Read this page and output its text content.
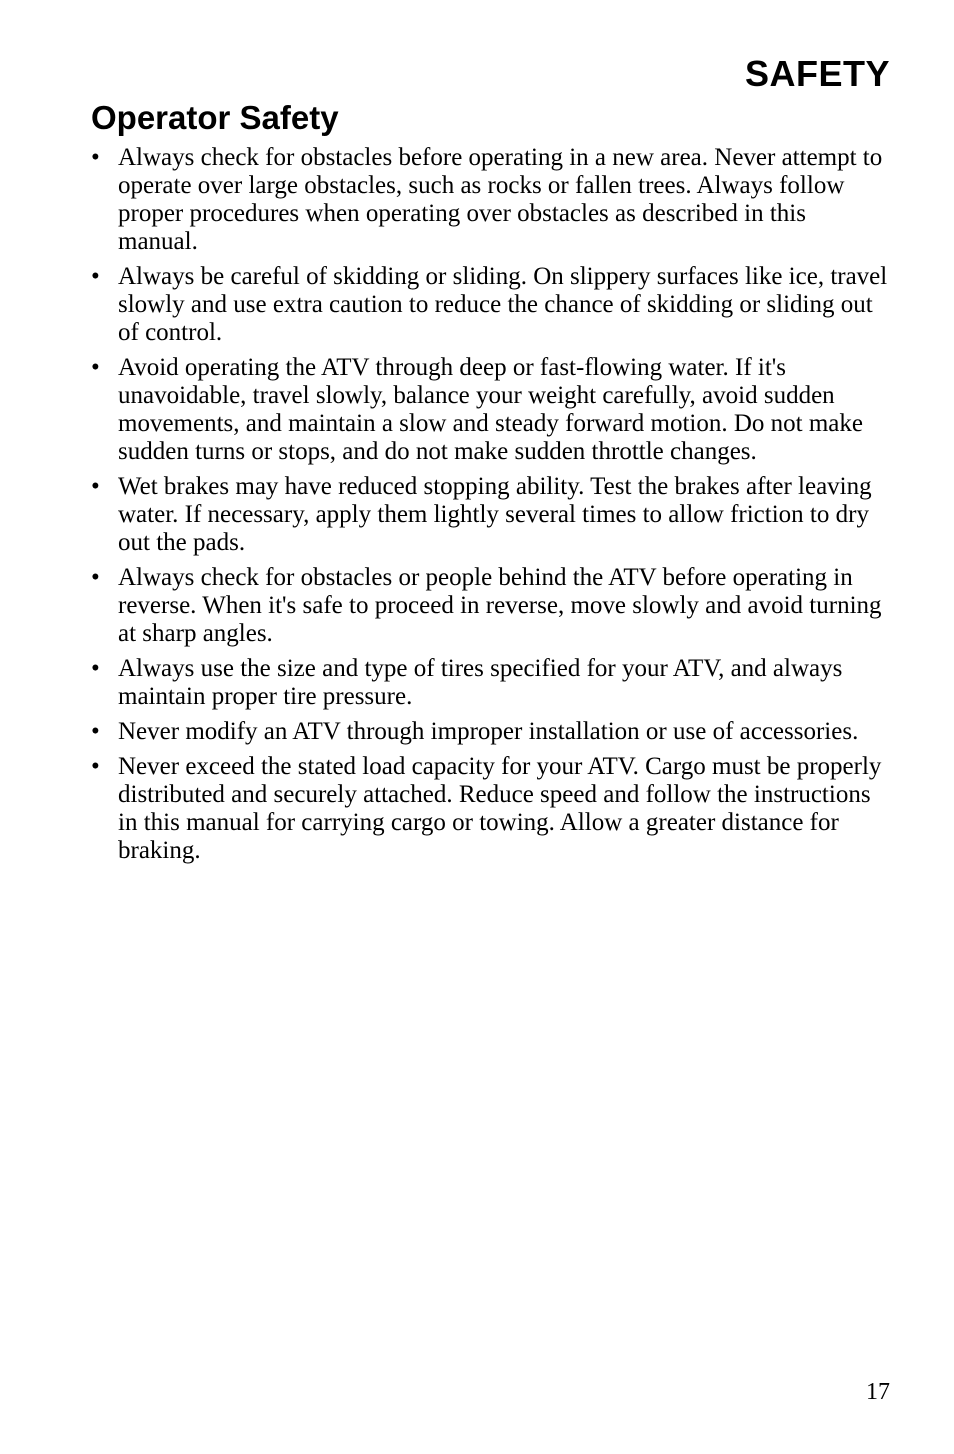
SAFETY
Operator Safety
• Always check for obstacles before operating in a new area. Never attempt to operate over large obstacles, such as rocks or fallen trees. Always follow proper procedures when operating over obstacles as described in this manual.
• Always be careful of skidding or sliding. On slippery surfaces like ice, travel slowly and use extra caution to reduce the chance of skidding or sliding out of control.
• Avoid operating the ATV through deep or fast-flowing water. If it's unavoidable, travel slowly, balance your weight carefully, avoid sudden movements, and maintain a slow and steady forward motion. Do not make sudden turns or stops, and do not make sudden throttle changes.
• Wet brakes may have reduced stopping ability. Test the brakes after leaving water. If necessary, apply them lightly several times to allow friction to dry out the pads.
• Always check for obstacles or people behind the ATV before operating in reverse. When it's safe to proceed in reverse, move slowly and avoid turning at sharp angles.
• Always use the size and type of tires specified for your ATV, and always maintain proper tire pressure.
• Never modify an ATV through improper installation or use of accessories.
• Never exceed the stated load capacity for your ATV. Cargo must be properly distributed and securely attached. Reduce speed and follow the instructions in this manual for carrying cargo or towing. Allow a greater distance for braking.
17
